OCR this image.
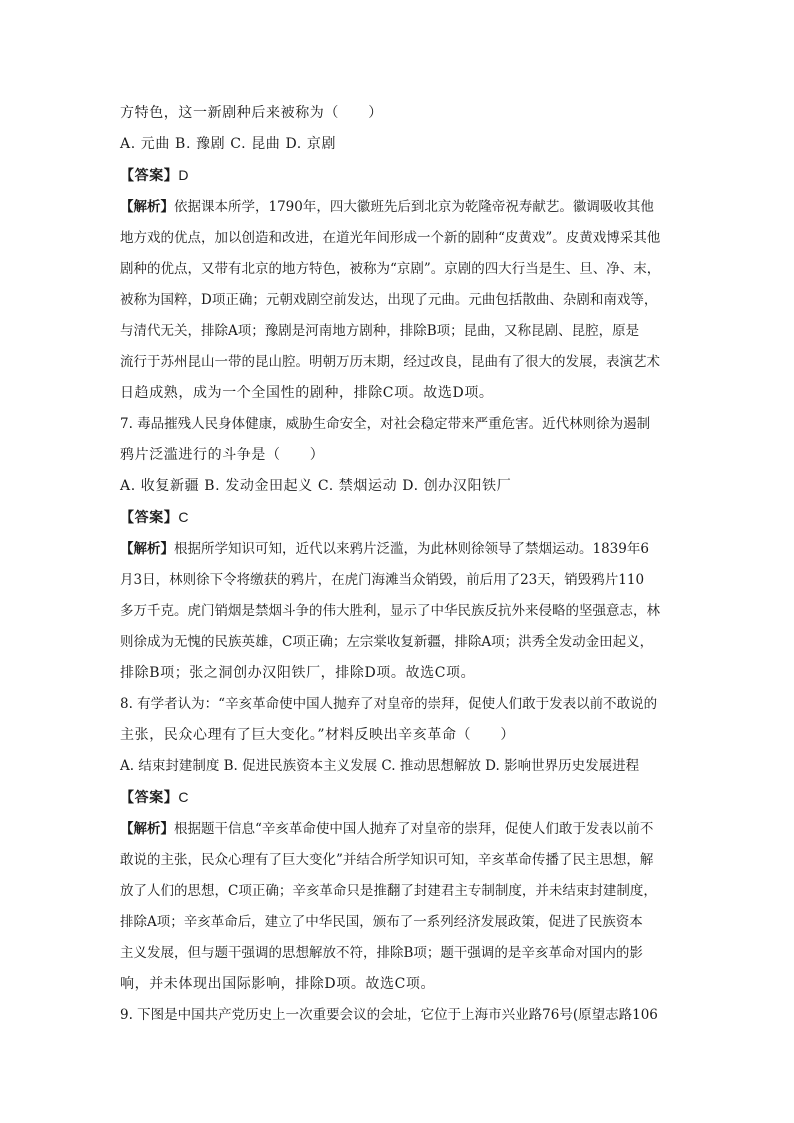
方特色，这一新剧种后来被称为（　　）

A. 元曲 B. 豫剧 C. 昆曲 D. 京剧

【答案】D

【解析】依据课本所学，1790年，四大徽班先后到北京为乾隆帝祝寿献艺。徽调吸收其他

地方戏的优点，加以创造和改进，在道光年间形成一个新的剧种“皮黄戏”。皮黄戏博采其他

剧种的优点，又带有北京的地方特色，被称为“京剧”。京剧的四大行当是生、旦、净、末，

被称为国粹，D项正确；元朝戏剧空前发达，出现了元曲。元曲包括散曲、杂剧和南戏等，

与清代无关，排除A项；豫剧是河南地方剧种，排除B项；昆曲，又称昆剧、昆腔，原是

流行于苏州昆山一带的昆山腔。明朝万历末期，经过改良，昆曲有了很大的发展，表演艺术

日趋成熟，成为一个全国性的剧种，排除C项。故选D项。

7. 毒品摧残人民身体健康，威胁生命安全，对社会稳定带来严重危害。近代林则徐为遏制

鸦片泛滥进行的斗争是（　　）

A. 收复新疆 B. 发动金田起义 C. 禁烟运动 D. 创办汉阳铁厂

【答案】C

【解析】根据所学知识可知，近代以来鸦片泛滥，为此林则徐领导了禁烟运动。1839年6

月3日，林则徐下令将缴获的鸦片，在虎门海滩当众销毁，前后用了23天，销毁鸦片110

多万千克。虎门销烟是禁烟斗争的伟大胜利，显示了中华民族反抗外来侵略的坚强意志，林

则徐成为无愧的民族英雄，C项正确；左宗棠收复新疆，排除A项；洪秀全发动金田起义，

排除B项；张之洞创办汉阳铁厂，排除D项。故选C项。

8. 有学者认为：“辛亥革命使中国人抛弃了对皇帝的崇拜，促使人们敢于发表以前不敢说的

主张，民众心理有了巨大变化。”材料反映出辛亥革命（　　）

A. 结束封建制度 B. 促进民族资本主义发展 C. 推动思想解放 D. 影响世界历史发展进程

【答案】C

【解析】根据题干信息“辛亥革命使中国人抛弃了对皇帝的崇拜，促使人们敢于发表以前不

敢说的主张，民众心理有了巨大变化”并结合所学知识可知，辛亥革命传播了民主思想，解

放了人们的思想，C项正确；辛亥革命只是推翻了封建君主专制制度，并未结束封建制度，

排除A项；辛亥革命后，建立了中华民国，颁布了一系列经济发展政策，促进了民族资本

主义发展，但与题干强调的思想解放不符，排除B项；题干强调的是辛亥革命对国内的影

响，并未体现出国际影响，排除D项。故选C项。

9. 下图是中国共产党历史上一次重要会议的会址，它位于上海市兴业路76号(原望志路106
